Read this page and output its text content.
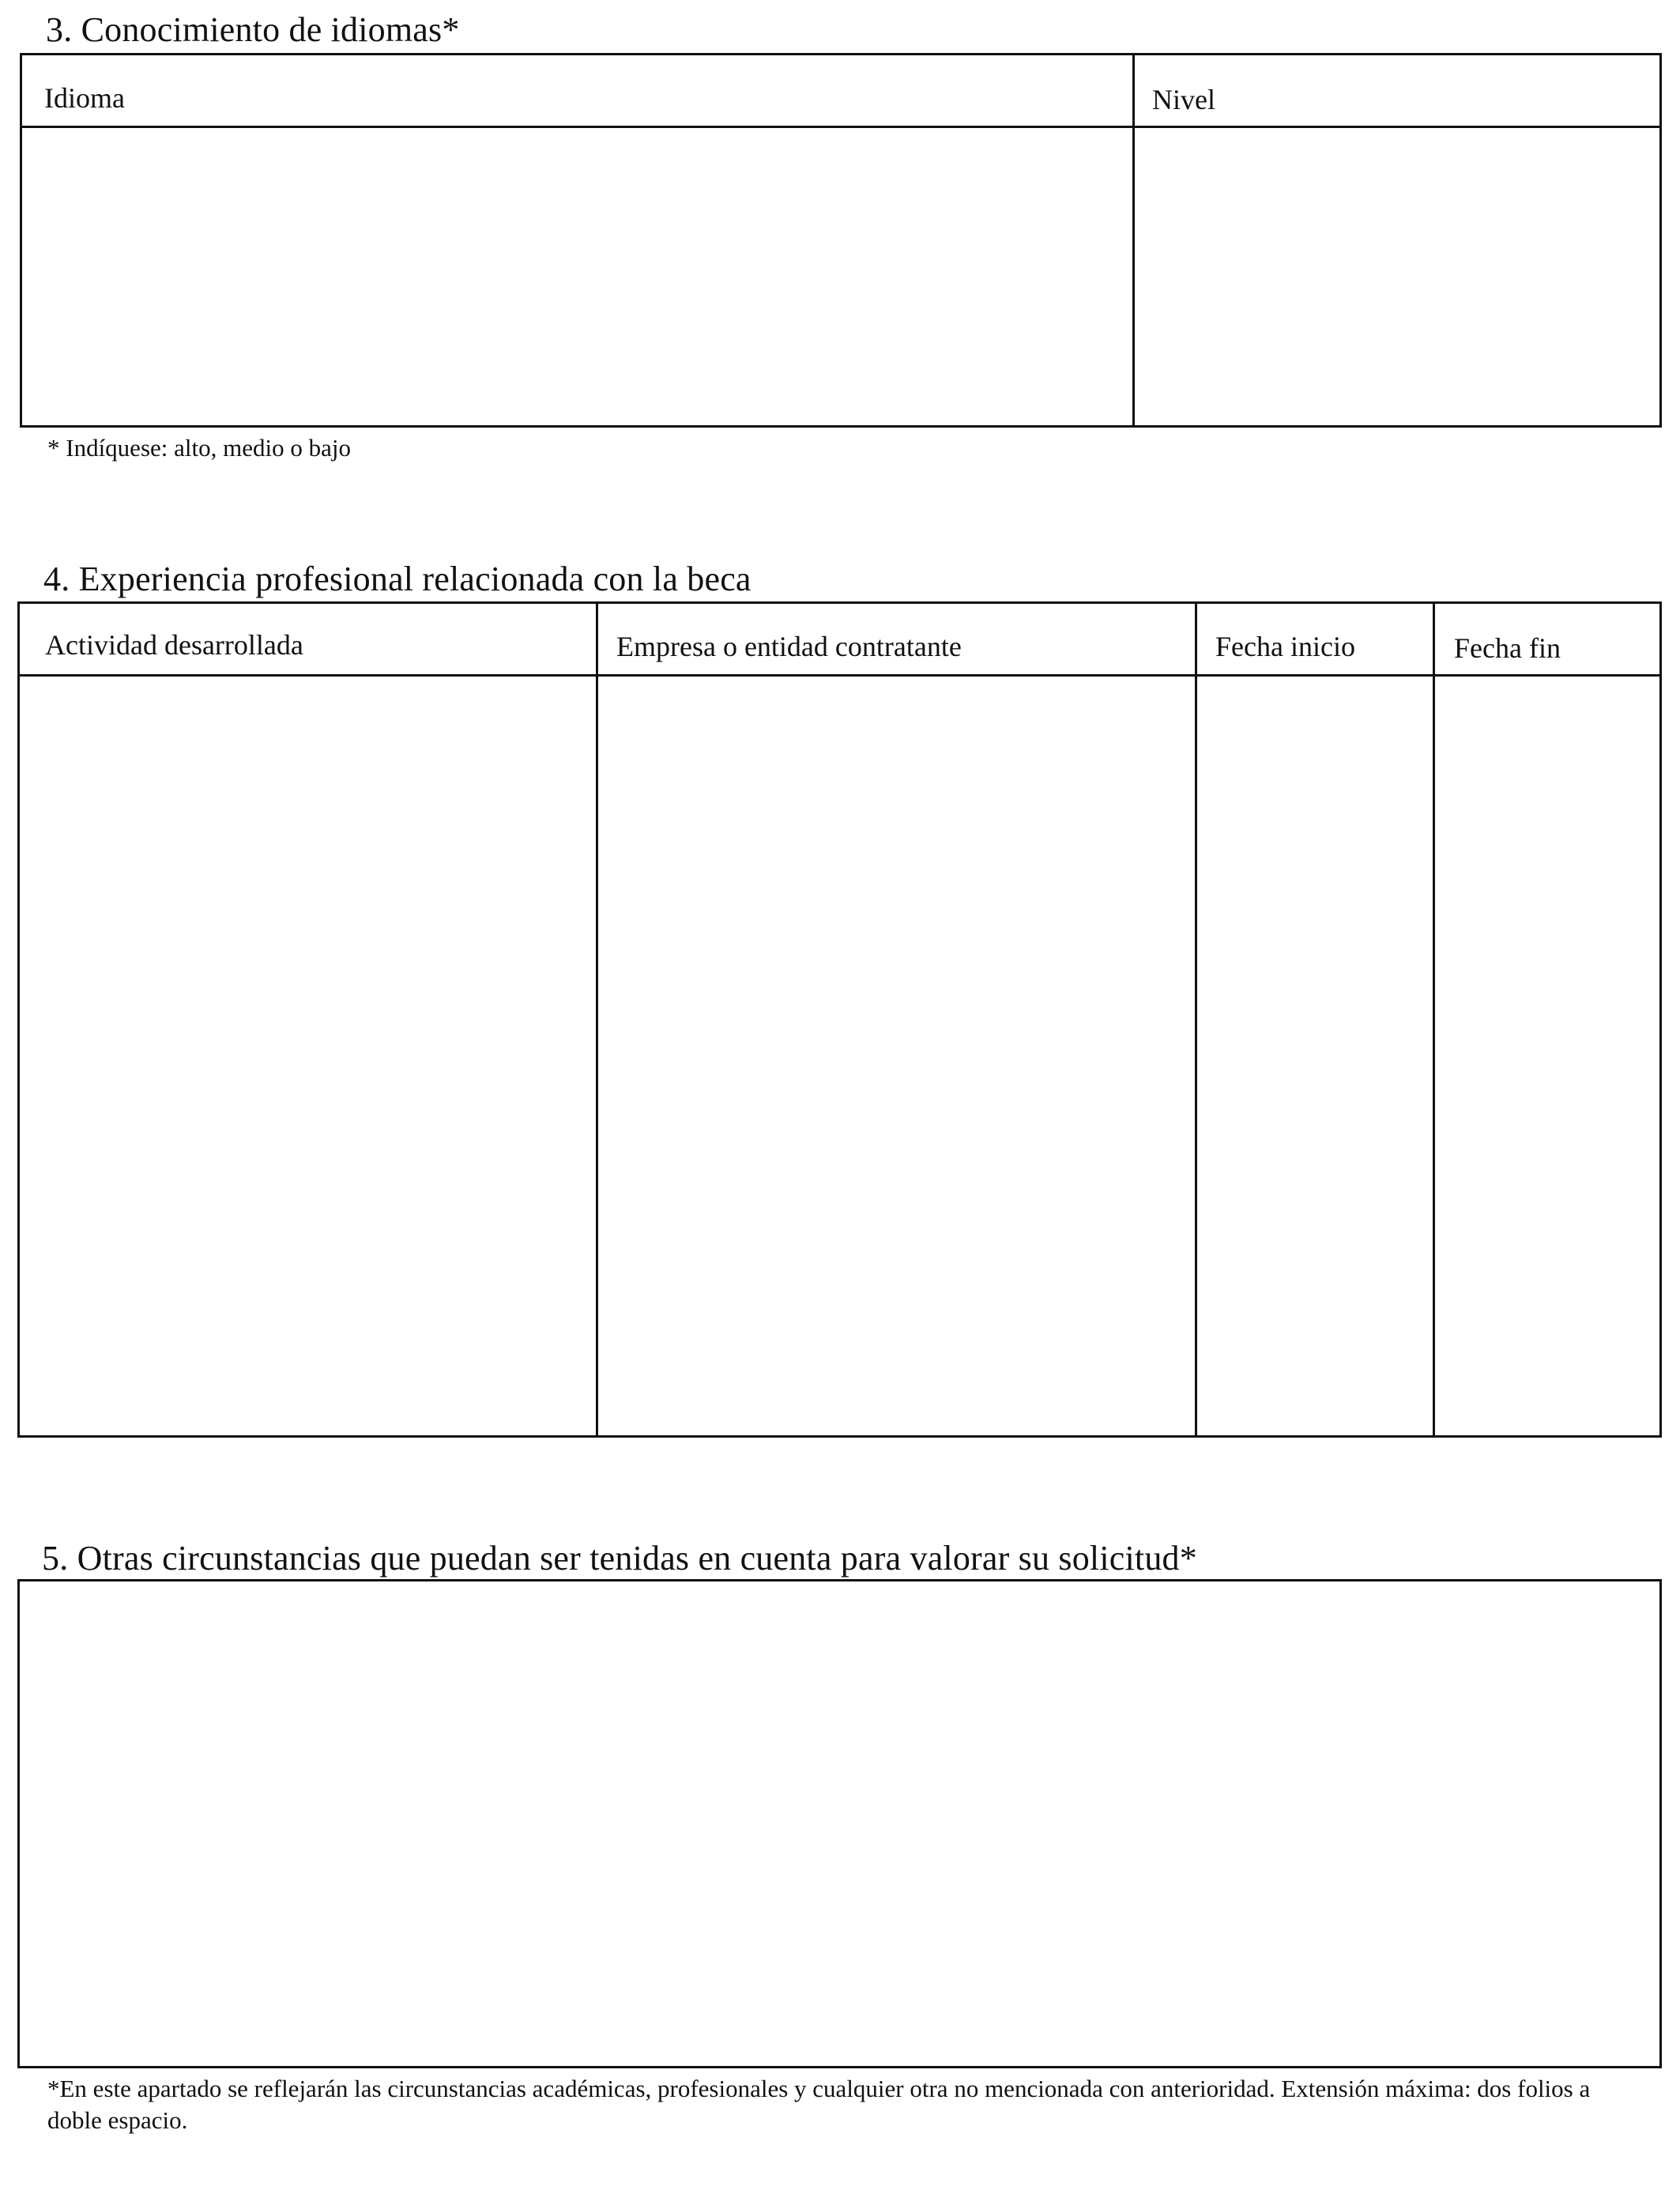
3. Conocimiento de idiomas*
Idioma	Nivel
* Indíquese: alto, medio o bajo
4. Experiencia profesional relacionada con la beca
Actividad desarrollada	Empresa o entidad contratante	Fecha inicio	Fecha fin
5. Otras circunstancias que puedan ser tenidas en cuenta para valorar su solicitud*
*En este apartado se reflejarán las circunstancias académicas, profesionales y cualquier otra no mencionada con anterioridad. Extensión máxima: dos folios a doble espacio.
